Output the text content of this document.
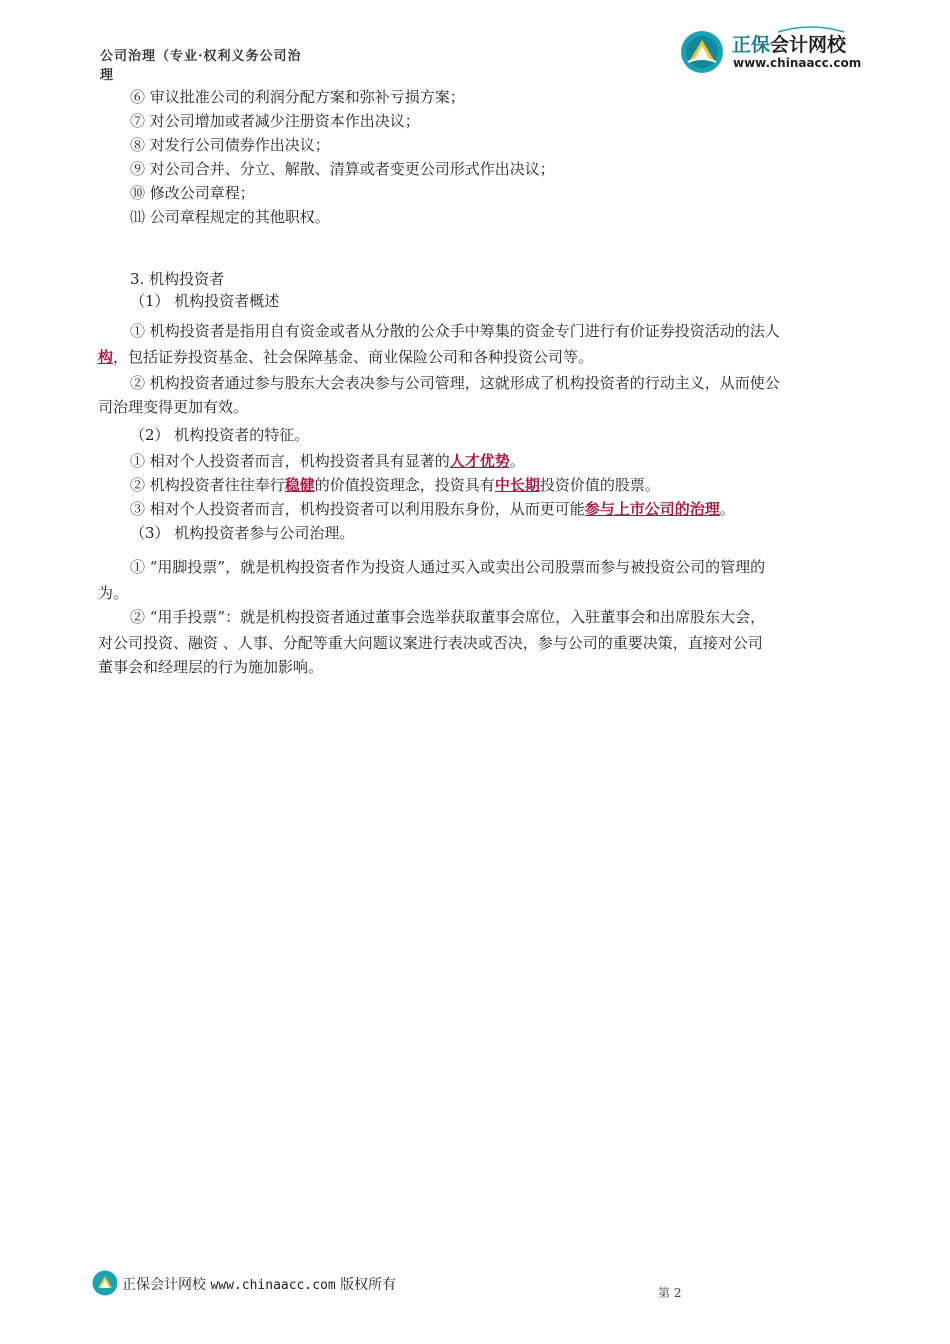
公司治理（专业·权利义务公司治理
正保会计网校
www.chinaacc.com
⑥ 审议批准公司的利润分配方案和弥补亏损方案；
⑦ 对公司增加或者减少注册资本作出决议；
⑧ 对发行公司债券作出决议；
⑨ 对公司合并、分立、解散、清算或者变更公司形式作出决议；
⑩ 修改公司章程；
⑾ 公司章程规定的其他职权。
3. 机构投资者
（1） 机构投资者概述
① 机构投资者是指用自有资金或者从分散的公众手中筹集的资金专门进行有价证券投资活动的法人
构，包括证券投资基金、社会保障基金、商业保险公司和各种投资公司等。
② 机构投资者通过参与股东大会表决参与公司管理，这就形成了机构投资者的行动主义，从而使公
司治理变得更加有效。
（2） 机构投资者的特征。
① 相对个人投资者而言，机构投资者具有显著的人才优势。
② 机构投资者往往奉行稳健的价值投资理念，投资具有中长期投资价值的股票。
③ 相对个人投资者而言，机构投资者可以利用股东身份，从而更可能参与上市公司的治理。
（3） 机构投资者参与公司治理。
① “用脚投票”，就是机构投资者作为投资人通过买入或卖出公司股票而参与被投资公司的管理的
为。
② “用手投票”：就是机构投资者通过董事会选举获取董事会席位，入驻董事会和出席股东大会，
对公司投资、融资 、人事、分配等重大问题议案进行表决或否决，参与公司的重要决策，直接对公司
董事会和经理层的行为施加影响。
正保会计网校 www.chinaacc.com 版权所有	第 2
